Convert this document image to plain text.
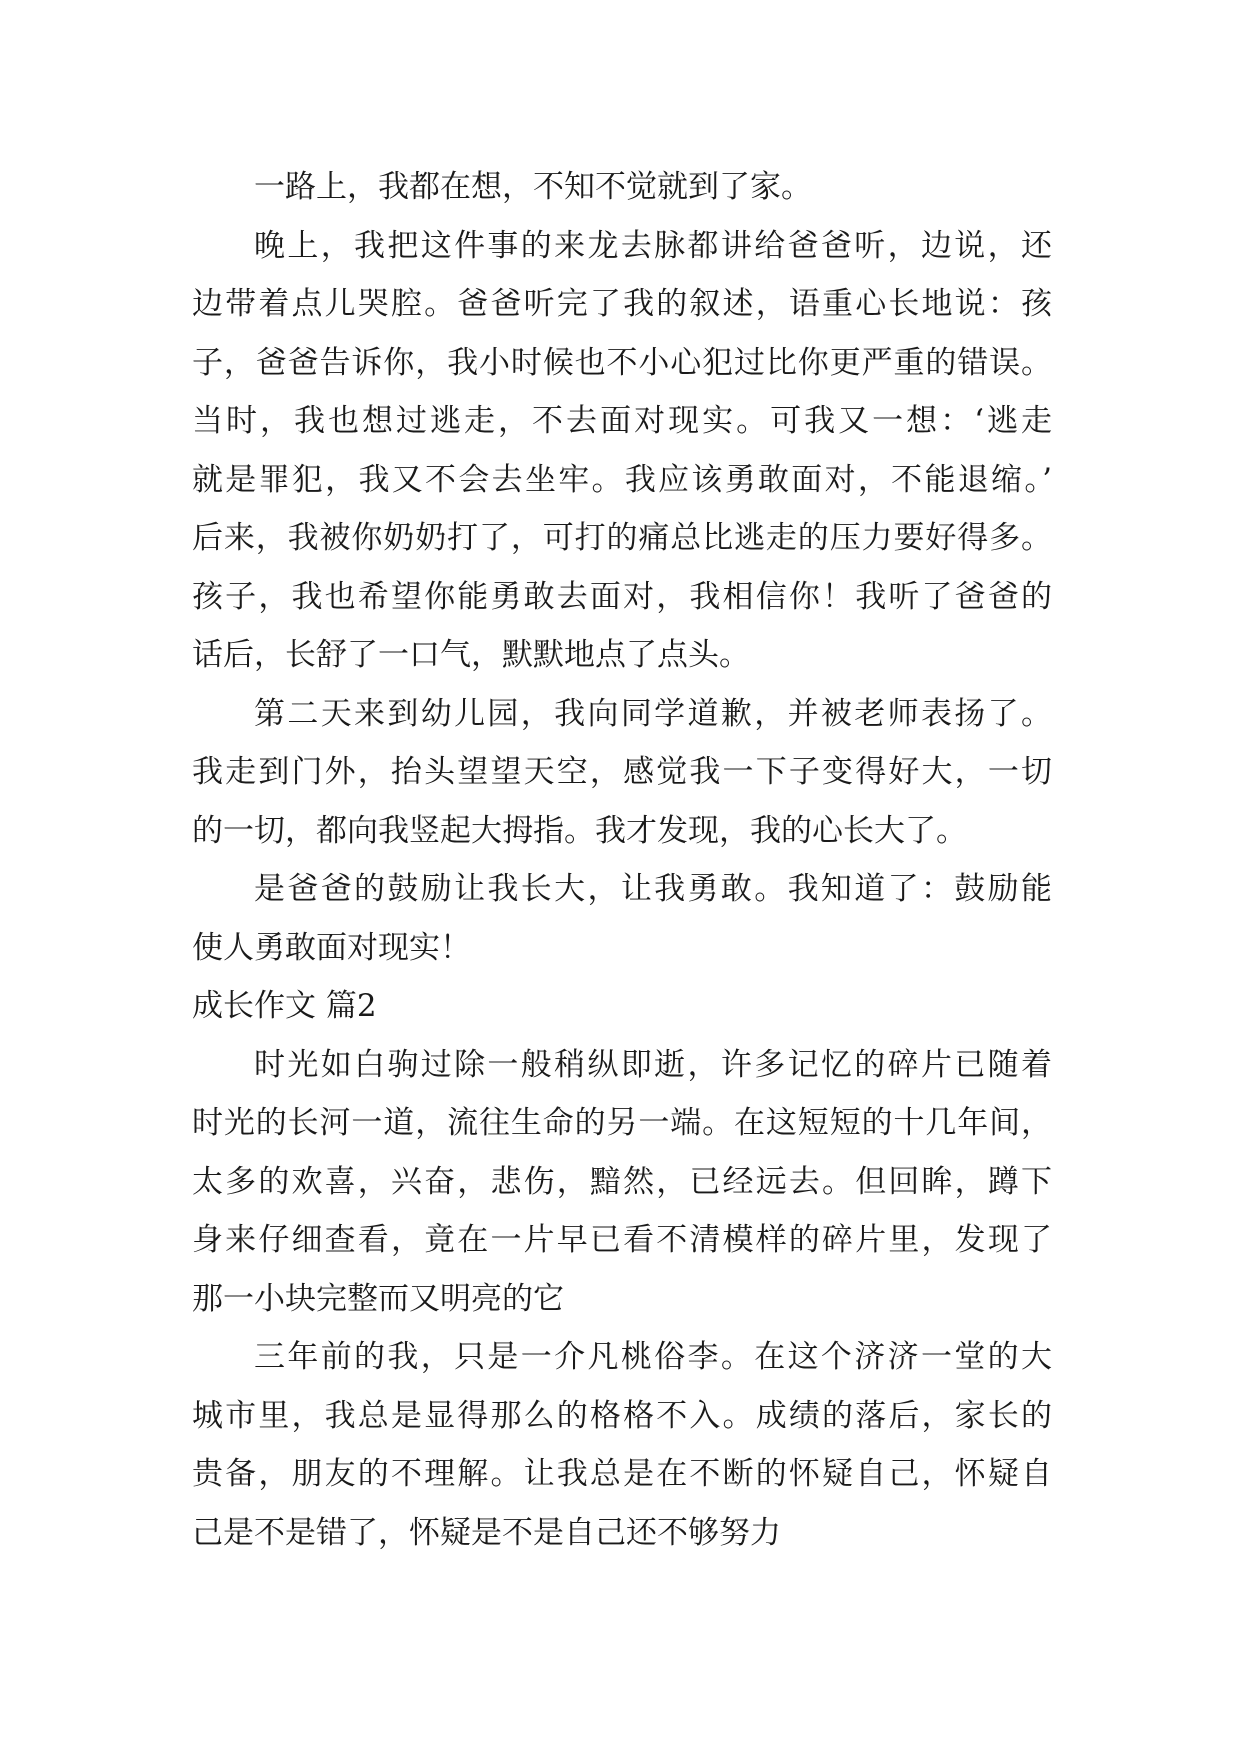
一路上，我都在想，不知不觉就到了家。
晚上，我把这件事的来龙去脉都讲给爸爸听，边说，还
边带着点儿哭腔。爸爸听完了我的叙述，语重心长地说：孩
子，爸爸告诉你，我小时候也不小心犯过比你更严重的错误。
当时，我也想过逃走，不去面对现实。可我又一想：‘逃走
就是罪犯，我又不会去坐牢。我应该勇敢面对，不能退缩。’
后来，我被你奶奶打了，可打的痛总比逃走的压力要好得多。
孩子，我也希望你能勇敢去面对，我相信你！我听了爸爸的
话后，长舒了一口气，默默地点了点头。
第二天来到幼儿园，我向同学道歉，并被老师表扬了。
我走到门外，抬头望望天空，感觉我一下子变得好大，一切
的一切，都向我竖起大拇指。我才发现，我的心长大了。
是爸爸的鼓励让我长大，让我勇敢。我知道了：鼓励能
使人勇敢面对现实！
成长作文 篇2
时光如白驹过除一般稍纵即逝，许多记忆的碎片已随着
时光的长河一道，流往生命的另一端。在这短短的十几年间，
太多的欢喜，兴奋，悲伤，黯然，已经远去。但回眸，蹲下
身来仔细查看，竟在一片早已看不清模样的碎片里，发现了
那一小块完整而又明亮的它
三年前的我，只是一介凡桃俗李。在这个济济一堂的大
城市里，我总是显得那么的格格不入。成绩的落后，家长的
贵备，朋友的不理解。让我总是在不断的怀疑自己，怀疑自
己是不是错了，怀疑是不是自己还不够努力
